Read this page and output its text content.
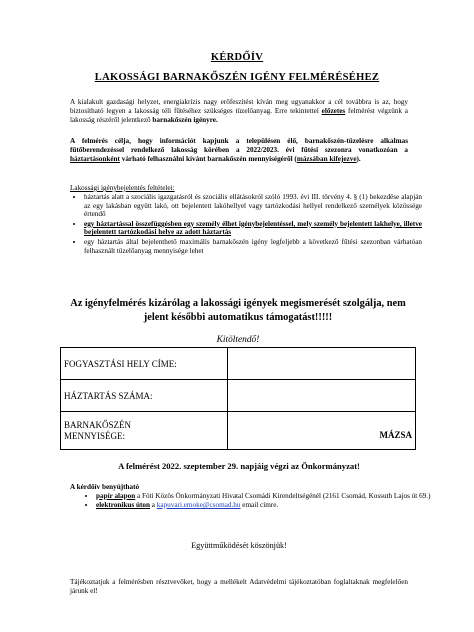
KÉRDŐÍV
LAKOSSÁGI BARNAKŐSZÉN IGÉNY FELMÉRÉSÉHEZ

A kialakult gazdasági helyzet, energiakrízis nagy erőfeszítést kíván meg ugyanakkor a cél továbbra is az, hogy biztosítható legyen a lakosság téli fűtéséhez szükséges tüzelőanyag. Erre tekintettel előzetes felmérést végzünk a lakosság részéről jelentkező barnakőszén igényre.

A felmérés célja, hogy információt kapjunk a településen élő, barnakőszén-tüzelésre alkalmas fűtőberendezéssel rendelkező lakosság körében a 2022/2023. évi fűtési szezonra vonatkozóan a háztartásonként várható felhasználni kívánt barnakőszén mennyiségéről (mázsában kifejezve).

Lakossági igénybejelentés feltételei:
• háztartás alatt a szociális igazgatásról és szociális ellátásokról szóló 1993. évi III. törvény 4. § (1) bekezdése alapján az egy lakásban együtt lakó, ott bejelentett lakóhellyel vagy tartózkodási hellyel rendelkező személyek közössége értendő
• egy háztartással összefüggésben egy személy élhet igénybejelentéssel, mely személy bejelentett lakhelye, illetve bejelentett tartózkodási helye az adott háztartás
• egy háztartás által bejelenthető maximális barnakőszén igény legfeljebb a következő fűtési szezonban várhatóan felhasznált tüzelőanyag mennyisége lehet
Az igényfelmérés kizárólag a lakossági igények megismerését szolgálja, nem jelent későbbi automatikus támogatást!!!!!
Kitöltendő!
FOGYASZTÁSI HELY CÍME:	
HÁZTARTÁS SZÁMA:	
BARNAKŐSZÉN
MENNYISÉGE:	MÁZSA
A felmérést 2022. szeptember 29. napjáig végzi az Önkormányzat!
A kérdőív benyújtható
• papír alapon a Fóti Közös Önkormányzati Hivatal Csomádi Kirendeltségénél (2161 Csomád, Kossuth Lajos út 69.)
• elektronikus úton a kapuvari.emoke@csomad.hu email címre.
Együttműködését köszönjük!

Tájékoztatjuk a felmérésben résztvevőket, hogy a mellékelt Adatvédelmi tájékoztatóban foglaltaknak megfelelően járunk el!
